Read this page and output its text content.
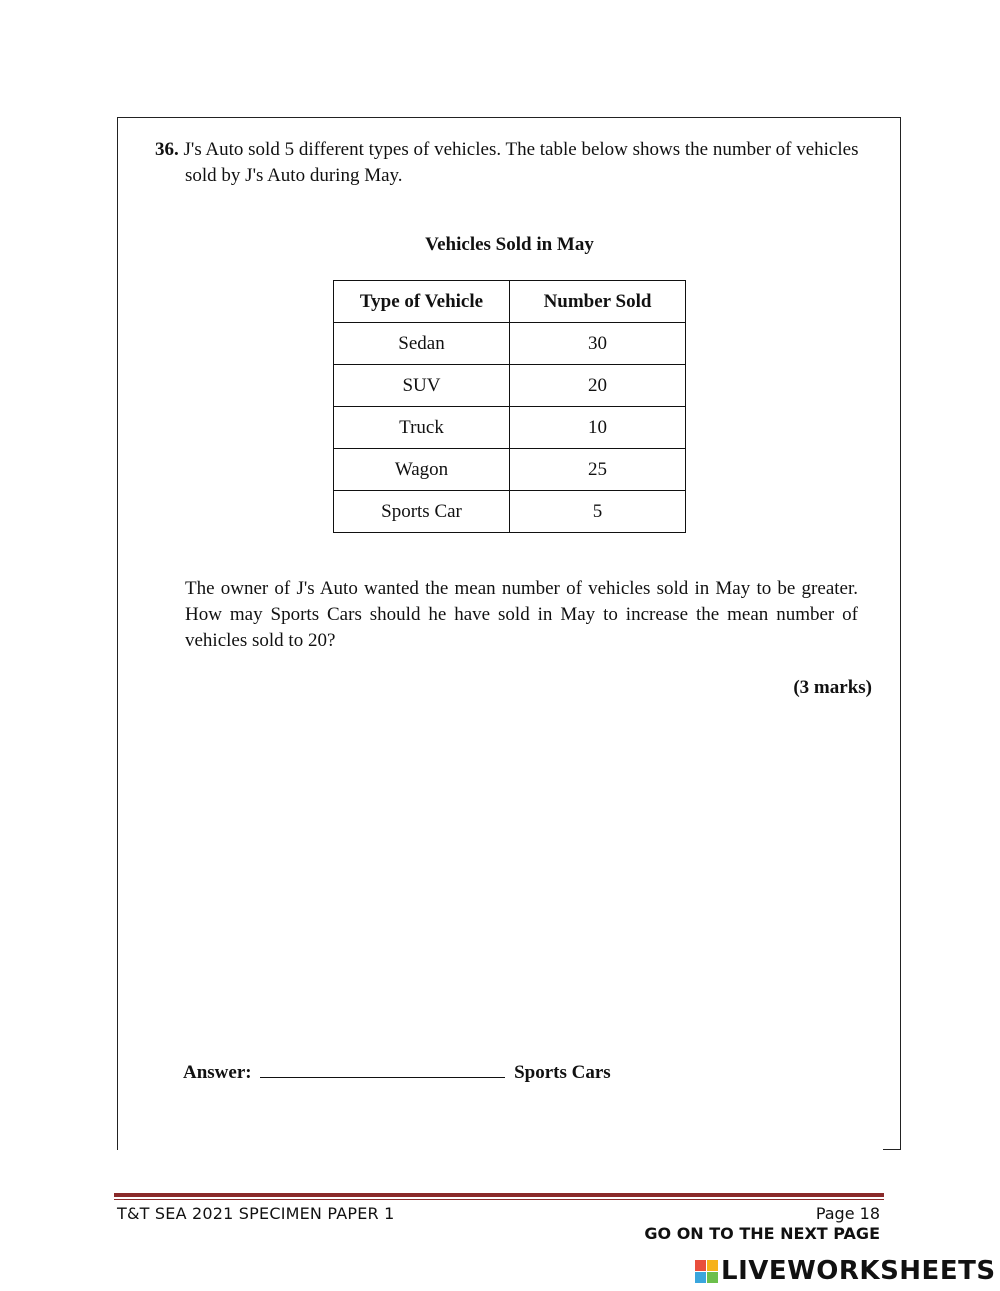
36. J's Auto sold 5 different types of vehicles. The table below shows the number of vehicles
sold by J's Auto during May.
Vehicles Sold in May
Type of Vehicle	Number Sold
Sedan	30
SUV	20
Truck	10
Wagon	25
Sports Car	5
The owner of J's Auto wanted the mean number of vehicles sold in May to be greater. How may Sports Cars should he have sold in May to increase the mean number of vehicles sold to 20?
(3 marks)
Answer:	Sports Cars
T&T SEA 2021 SPECIMEN PAPER 1	Page 18
GO ON TO THE NEXT PAGE
LIVEWORKSHEETS
